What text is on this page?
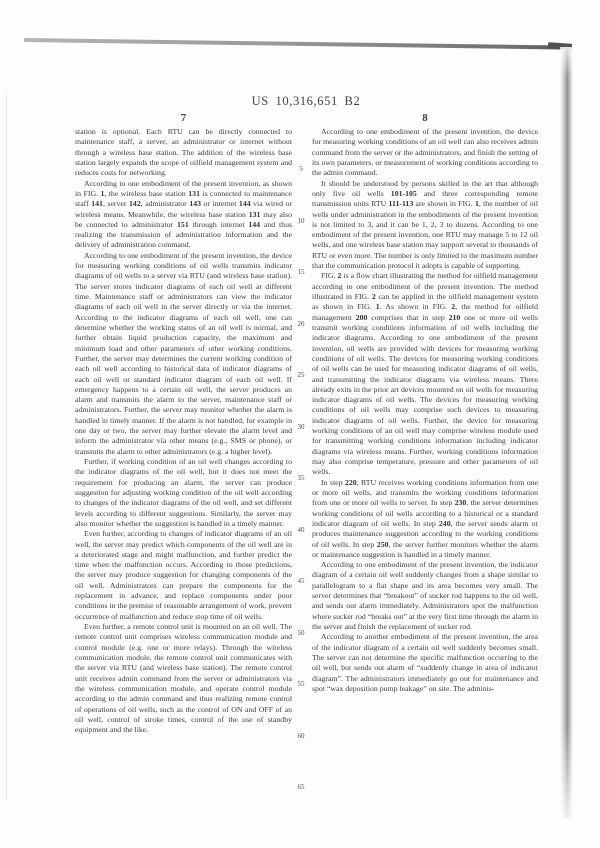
US 10,316,651 B2
7	8

station is optional. Each RTU can be directly connected to maintenance staff, a server, an administrator or internet without through a wireless base station. The addition of the wireless base station largely expands the scope of oilfield management system and reduces costs for networking.

According to one embodiment of the present invention, as shown in FIG. 1, the wireless base station 131 is connected to maintenance staff 141, server 142, administrator 143 or internet 144 via wired or wireless means. Meanwhile, the wireless base station 131 may also be connected to administrator 151 through internet 144 and thus realizing the transmission of administration information and the delivery of administration command.

According to one embodiment of the present invention, the device for measuring working conditions of oil wells transmits indicator diagrams of oil wells to a server via RTU (and wireless base station). The server stores indicator diagrams of each oil well at different time. Maintenance staff or administrators can view the indicator diagrams of each oil well in the server directly or via the internet. According to the indicator diagrams of each oil well, one can determine whether the working status of an oil well is normal, and further obtain liquid production capacity, the maximum and minimum load and other parameters of other working conditions. Further, the server may determines the current working condition of each oil well according to historical data of indicator diagrams of each oil well or standard indicator diagram of each oil well. If emergency happens to a certain oil well, the server produces an alarm and transmits the alarm to the server, maintenance staff or administrators. Further, the server may monitor whether the alarm is handled in timely manner. If the alarm is not handled, for example in one day or two, the server may further elevate the alarm level and inform the administrator via other means (e.g., SMS or phone), or transmits the alarm to other administrators (e.g. a higher level).

Further, if working condition of an oil well changes according to the indicator diagrams of the oil well, but it does not meet the requirement for producing an alarm, the server can produce suggestion for adjusting working condition of the oil well according to changes of the indicator diagrams of the oil well, and set different levels according to different suggestions. Similarly, the server may also monitor whether the suggestion is handled in a timely manner.

Even further, according to changes of indicator diagrams of an oil well, the server may predict which components of the oil well are in a deteriorated stage and might malfunction, and further predict the time when the malfunction occurs. According to those predictions, the server may produce suggestion for changing components of the oil well. Administrators can prepare the components for the replacement in advance, and replace components under poor conditions in the premise of reasonable arrangement of work, prevent occurrence of malfunction and reduce stop time of oil wells.

Even further, a remote control unit is mounted on an oil well. The remote control unit comprises wireless communication module and control module (e.g. one or more relays). Through the wireless communication module, the remote control unit communicates with the server via RTU (and wireless base station). The remote control unit receives admin command from the server or administrators via the wireless communication module, and operate control module according to the admin command and thus realizing remote control of operations of oil wells, such as the control of ON and OFF of an oil well, control of stroke times, control of the use of standby equipment and the like.

According to one embodiment of the present invention, the device for measuring working conditions of an oil well can also receives admin command from the server or the administrators, and finish the setting of its own parameters, or measurement of working conditions according to the admin command.

It should be understood by persons skilled in the art that although only five oil wells 101-105 and three corresponding remote transmission units RTU 111-113 are shown in FIG. 1, the number of oil wells under administration in the embodiments of the present invention is not limited to 3, and it can be 1, 2, 3 to dozens. According to one embodiment of the present invention, one RTU may manage 5 to 12 oil wells, and one wireless base station may support several to thousands of RTU or even more. The number is only limited to the maximum number that the communication protocol it adopts is capable of supporting.

FIG. 2 is a flow chart illustrating the method for oilfield management according to one embodiment of the present invention. The method illustrated in FIG. 2 can be applied in the oilfield management system as shown in FIG. 1. As shown in FIG. 2, the method for oilfield management 200 comprises that in step 210 one or more oil wells transmit working conditions information of oil wells including the indicator diagrams. According to one embodiment of the present invention, oil wells are provided with devices for measuring working conditions of oil wells. The devices for measuring working conditions of oil wells can be used for measuring indicator diagrams of oil wells, and transmitting the indicator diagrams via wireless means. There already exits in the prior art devices mounted on oil wells for measuring indicator diagrams of oil wells. The devices for measuring working conditions of oil wells may comprise such devices to measuring indicator diagrams of oil wells. Further, the device for measuring working conditions of an oil well may comprise wireless module used for transmitting working conditions information including indicator diagrams via wireless means. Further, working conditions information may also comprise temperature, pressure and other parameters of oil wells.

In step 220, RTU receives working conditions information from one or more oil wells, and transmits the working conditions information from one or more oil wells to server. In step 230, the server determines working conditions of oil wells according to a historical or a standard indicator diagram of oil wells. In step 240, the server sends alarm or produces maintenance suggestion according to the working conditions of oil wells. In step 250, the server further monitors whether the alarm or maintenance suggestion is handled in a timely manner.

According to one embodiment of the present invention, the indicator diagram of a certain oil well suddenly changes from a shape similar to parallelogram to a flat shape and its area becomes very small. The server determines that “breakout” of sucker rod happens to the oil well, and sends out alarm immediately. Administrators spot the malfunction where sucker rod “breaks out” at the very first time through the alarm in the server and finish the replacement of sucker rod.

According to another embodiment of the present invention, the area of the indicator diagram of a certain oil well suddenly becomes small. The server can not determine the specific malfunction occurring to the oil well, but sends out alarm of “suddenly change in area of indicator diagram”. The administrators immediately go out for maintenance and spot “wax deposition pump leakage” on site. The adminis-

5
10
15
20
25
30
35
40
45
50
55
60
65
